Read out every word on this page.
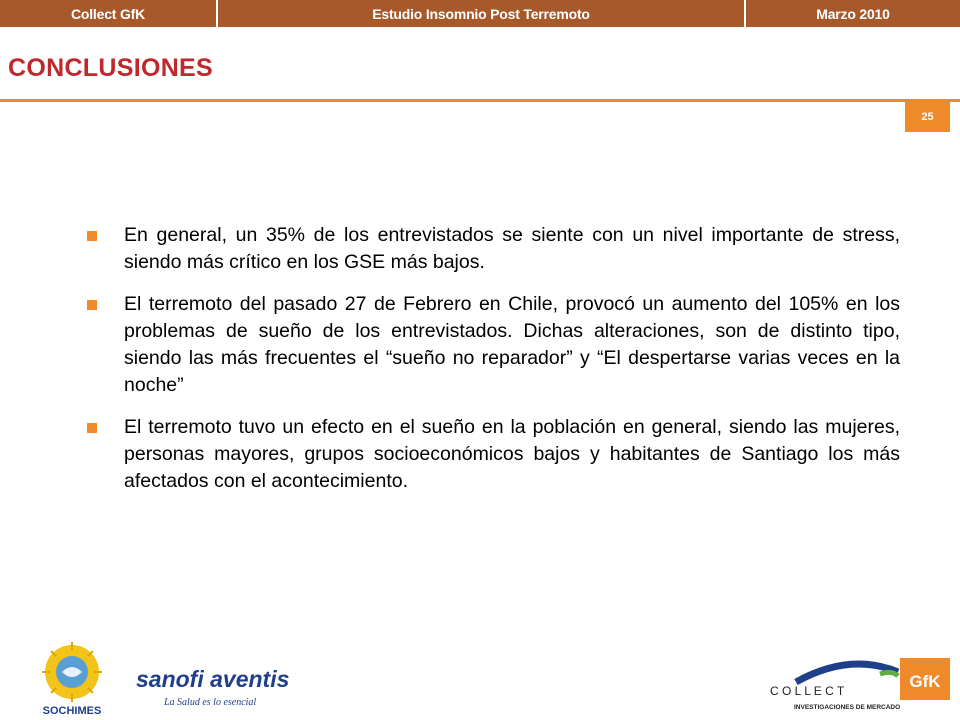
Collect GfK	Estudio Insomnio Post Terremoto	Marzo 2010
CONCLUSIONES
25
En general, un 35% de los entrevistados se siente con un nivel importante de stress, siendo más crítico en los GSE más bajos.
El terremoto del pasado 27 de Febrero en Chile, provocó un aumento del 105% en los problemas de sueño de los entrevistados. Dichas alteraciones, son de distinto tipo, siendo las más frecuentes el “sueño no reparador” y “El despertarse varias veces en la noche”
El terremoto tuvo un efecto en el sueño en la población en general, siendo las mujeres, personas mayores, grupos socioeconómicos bajos y habitantes de Santiago los más afectados con el acontecimiento.
SOCHIMES
sanofi aventis
La Salud es lo esencial
GfK
C O L L E C T
INVESTIGACIONES DE MERCADO
